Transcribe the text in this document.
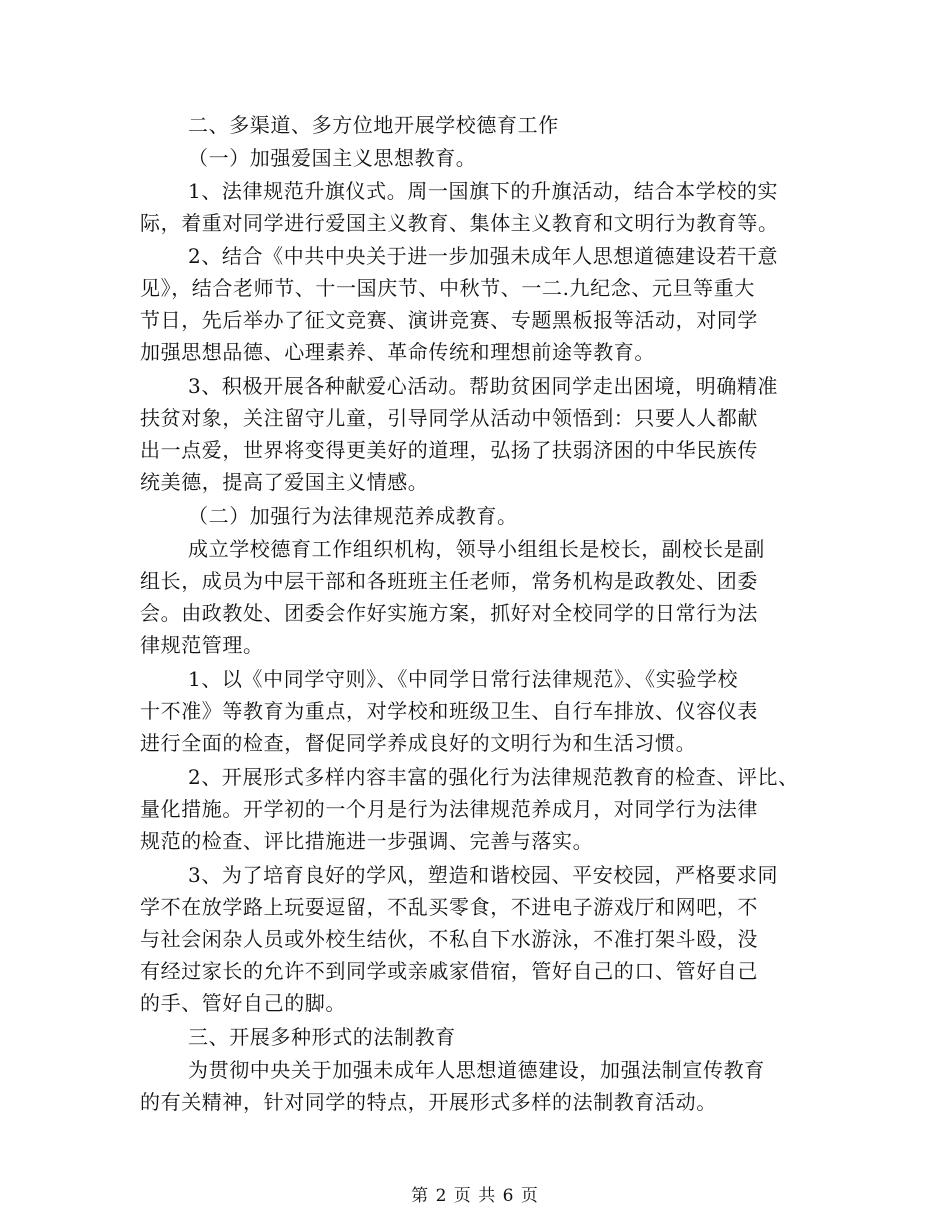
二、多渠道、多方位地开展学校德育工作
（一）加强爱国主义思想教育。
1、法律规范升旗仪式。周一国旗下的升旗活动，结合本学校的实
际，着重对同学进行爱国主义教育、集体主义教育和文明行为教育等。
2、结合《中共中央关于进一步加强未成年人思想道德建设若干意
见》，结合老师节、十一国庆节、中秋节、一二.九纪念、元旦等重大
节日，先后举办了征文竞赛、演讲竞赛、专题黑板报等活动，对同学
加强思想品德、心理素养、革命传统和理想前途等教育。
3、积极开展各种献爱心活动。帮助贫困同学走出困境，明确精准
扶贫对象，关注留守儿童，引导同学从活动中领悟到：只要人人都献
出一点爱，世界将变得更美好的道理，弘扬了扶弱济困的中华民族传
统美德，提高了爱国主义情感。
（二）加强行为法律规范养成教育。
成立学校德育工作组织机构，领导小组组长是校长，副校长是副
组长，成员为中层干部和各班班主任老师，常务机构是政教处、团委
会。由政教处、团委会作好实施方案，抓好对全校同学的日常行为法
律规范管理。
1、以《中同学守则》、《中同学日常行法律规范》、《实验学校
十不准》等教育为重点，对学校和班级卫生、自行车排放、仪容仪表
进行全面的检查，督促同学养成良好的文明行为和生活习惯。
2、开展形式多样内容丰富的强化行为法律规范教育的检查、评比、
量化措施。开学初的一个月是行为法律规范养成月，对同学行为法律
规范的检查、评比措施进一步强调、完善与落实。
3、为了培育良好的学风，塑造和谐校园、平安校园，严格要求同
学不在放学路上玩耍逗留，不乱买零食，不进电子游戏厅和网吧，不
与社会闲杂人员或外校生结伙，不私自下水游泳，不准打架斗殴，没
有经过家长的允许不到同学或亲戚家借宿，管好自己的口、管好自己
的手、管好自己的脚。
三、开展多种形式的法制教育
为贯彻中央关于加强未成年人思想道德建设，加强法制宣传教育
的有关精神，针对同学的特点，开展形式多样的法制教育活动。
第 2 页 共 6 页
